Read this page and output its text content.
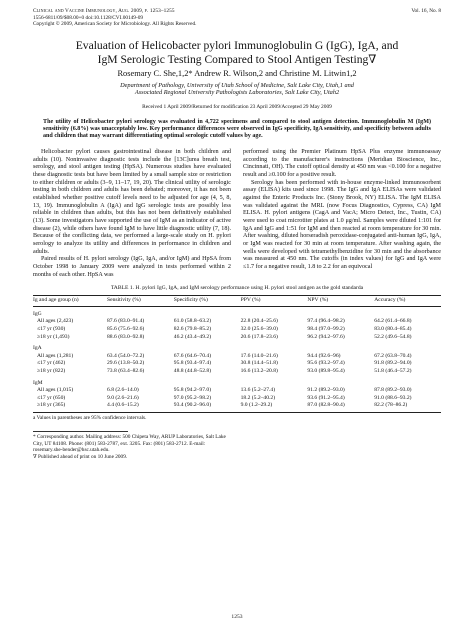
Clinical and Vaccine Immunology, Aug. 2009, p. 1253–1255	Vol. 16, No. 8
1556-6811/09/$08.00+0 doi:10.1128/CVI.00149-09
Copyright © 2009, American Society for Microbiology. All Rights Reserved.
Evaluation of Helicobacter pylori Immunoglobulin G (IgG), IgA, and
IgM Serologic Testing Compared to Stool Antigen Testing∇
Rosemary C. She,1,2* Andrew R. Wilson,2 and Christine M. Litwin1,2
Department of Pathology, University of Utah School of Medicine, Salt Lake City, Utah,1 and
Associated Regional University Pathologists Laboratories, Salt Lake City, Utah2
Received 1 April 2009/Returned for modification 23 April 2009/Accepted 29 May 2009
The utility of Helicobacter pylori serology was evaluated in 4,722 specimens and compared to stool antigen detection. Immunoglobulin M (IgM) sensitivity (6.8%) was unacceptably low. Key performance differences were observed in IgG specificity, IgA sensitivity, and specificity between adults and children that may warrant differentiating optimal serologic cutoff values by age.

Helicobacter pylori causes gastrointestinal disease in both children and adults (10). Noninvasive diagnostic tests include the [13C]urea breath test, serology, and stool antigen testing (HpSA). Numerous studies have evaluated these diagnostic tests but have been limited by a small sample size or restriction to either children or adults (3–9, 11–17, 19, 20). The clinical utility of serologic testing in both children and adults has been debated; moreover, it has not been established whether positive cutoff levels need to be adjusted for age (4, 5, 8, 13, 19). Immunoglobulin A (IgA) and IgG serologic tests are possibly less reliable in children than adults, but this has not been definitively established (13). Some investigators have supported the use of IgM as an indicator of active disease (2), while others have found IgM to have little diagnostic utility (7, 18). Because of the conflicting data, we performed a large-scale study on H. pylori serology to analyze its utility and differences in performance in children and adults.

Paired results of H. pylori serology (IgG, IgA, and/or IgM) and HpSA from October 1998 to January 2009 were analyzed in tests performed within 2 months of each other. HpSA was

performed using the Premier Platinum HpSA Plus enzyme immunoassay according to the manufacturer's instructions (Meridian Bioscience, Inc., Cincinnati, OH). The cutoff optical density at 450 nm was <0.100 for a negative result and ≥0.100 for a positive result.

Serology has been performed with in-house enzyme-linked immunosorbent assay (ELISA) kits used since 1998. The IgG and IgA ELISAs were validated against the Enteric Products Inc. (Stony Brook, NY) ELISA. The IgM ELISA was validated against the MRL (now Focus Diagnostics, Cypress, CA) IgM ELISA. H. pylori antigens (CagA and VacA; Micro Detect, Inc., Tustin, CA) were used to coat microtiter plates at 1.0 μg/ml. Samples were diluted 1:101 for IgA and IgG and 1:51 for IgM and then reacted at room temperature for 30 min. After washing, diluted horseradish peroxidase-conjugated anti-human IgG, IgA, or IgM was reacted for 30 min at room temperature. After washing again, the wells were developed with tetramethylbenzidine for 30 min and the absorbance was measured at 450 nm. The cutoffs (in index values) for IgG and IgA were ≤1.7 for a negative result, 1.8 to 2.2 for an equivocal

TABLE 1. H. pylori IgG, IgA, and IgM serology performance using H. pylori stool antigen as the gold standarda
Ig and age group (n)	Sensitivity (%)	Specificity (%)	PPV (%)	NPV (%)	Accuracy (%)
IgG					
All ages (2,423)	87.6 (83.0–91.4)	61.0 (58.8–63.2)	22.8 (20.4–25.6)	97.4 (96.4–98.2)	64.2 (61.4–66.8)
≤17 yr (930)	85.6 (75.6–92.6)	82.6 (79.8–85.2)	32.0 (25.6–39.0)	98.4 (97.0–99.2)	83.0 (80.4–85.4)
≥18 yr (1,493)	88.6 (83.0–92.8)	46.2 (43.4–49.2)	20.6 (17.8–23.6)	96.2 (94.2–97.6)	52.2 (49.6–54.8)
IgA					
All ages (1,281)	63.4 (54.0–72.2)	67.6 (64.6–70.4)	17.6 (14.0–21.6)	94.4 (92.6–96)	67.2 (63.8–70.4)
≤17 yr (462)	29.6 (13.8–50.2)	95.8 (93.4–97.4)	30.8 (14.4–51.8)	95.6 (93.2–97.4)	91.8 (89.2–94.0)
≥18 yr (822)	73.8 (63.4–82.6)	48.8 (44.8–52.8)	16.6 (13.2–20.8)	93.0 (89.8–95.4)	51.8 (46.4–57.2)
IgM					
All ages (1,015)	6.8 (2.6–14.0)	95.8 (94.2–97.0)	13.6 (5.2–27.4)	91.2 (89.2–93.0)	87.8 (89.2–93.0)
≤17 yr (650)	9.0 (2.6–21.6)	97.0 (95.2–98.2)	18.2 (5.2–40.2)	93.6 (91.2–95.4)	91.0 (88.6–93.2)
≥18 yr (365)	4.4 (0.6–15.2)	93.4 (90.2–96.0)	9.0 (1.2–29.2)	87.0 (82.8–90.4)	82.2 (78–86.2)
a Values in parentheses are 95% confidence intervals.
* Corresponding author. Mailing address: 500 Chipeta Way, ARUP Laboratories, Salt Lake City, UT 84108. Phone: (801) 583-2787, ext. 3205. Fax: (801) 583-2712. E-mail: rosemary.she-bender@hsc.utah.edu.
∇ Published ahead of print on 10 June 2009.
1253
